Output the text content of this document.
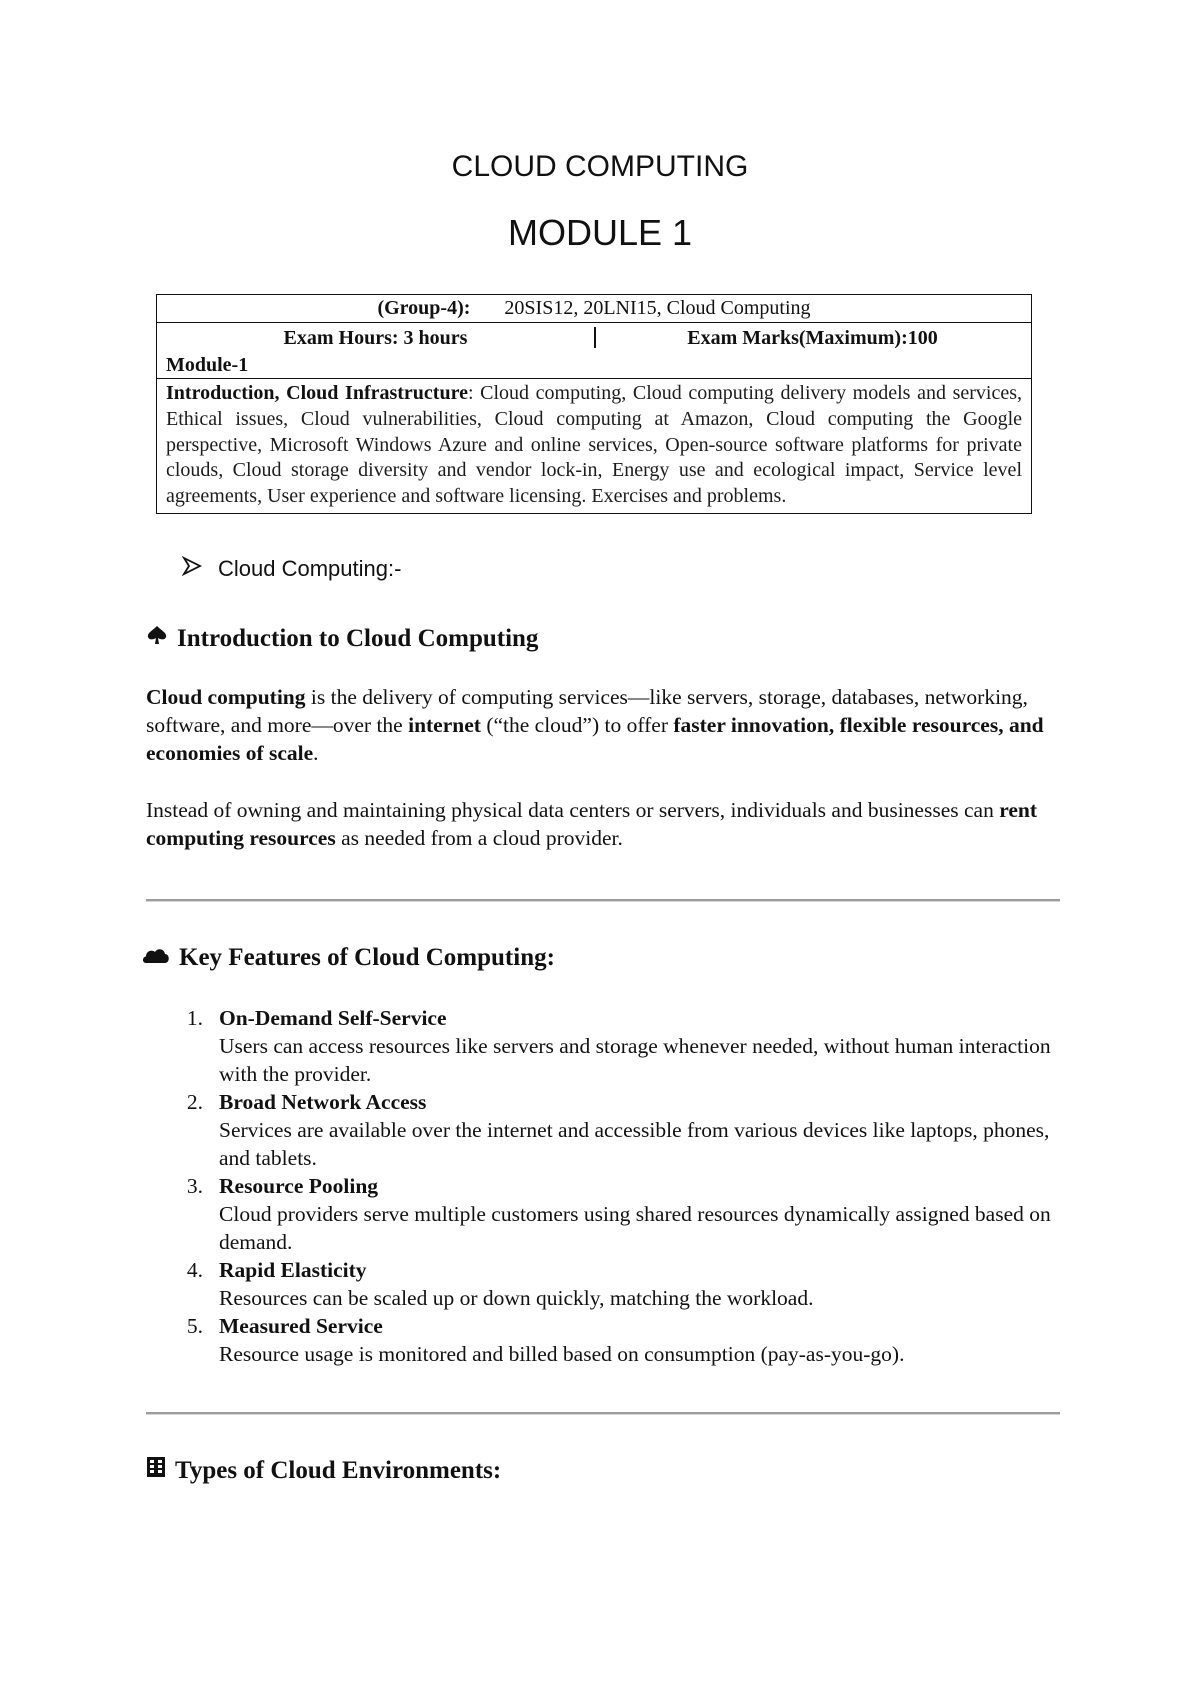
CLOUD COMPUTING
MODULE 1
(Group-4): 20SIS12, 20LNI15, Cloud Computing
Exam Hours: 3 hours	Exam Marks(Maximum):100
Module-1
Introduction, Cloud Infrastructure: Cloud computing, Cloud computing delivery models and services, Ethical issues, Cloud vulnerabilities, Cloud computing at Amazon, Cloud computing the Google perspective, Microsoft Windows Azure and online services, Open-source software platforms for private clouds, Cloud storage diversity and vendor lock-in, Energy use and ecological impact, Service level agreements, User experience and software licensing. Exercises and problems.
Cloud Computing:-
Introduction to Cloud Computing
Cloud computing is the delivery of computing services—like servers, storage, databases, networking, software, and more—over the internet (“the cloud”) to offer faster innovation, flexible resources, and economies of scale.
Instead of owning and maintaining physical data centers or servers, individuals and businesses can rent computing resources as needed from a cloud provider.
Key Features of Cloud Computing:
1. On-Demand Self-Service
Users can access resources like servers and storage whenever needed, without human interaction with the provider.
2. Broad Network Access
Services are available over the internet and accessible from various devices like laptops, phones, and tablets.
3. Resource Pooling
Cloud providers serve multiple customers using shared resources dynamically assigned based on demand.
4. Rapid Elasticity
Resources can be scaled up or down quickly, matching the workload.
5. Measured Service
Resource usage is monitored and billed based on consumption (pay-as-you-go).
Types of Cloud Environments:
